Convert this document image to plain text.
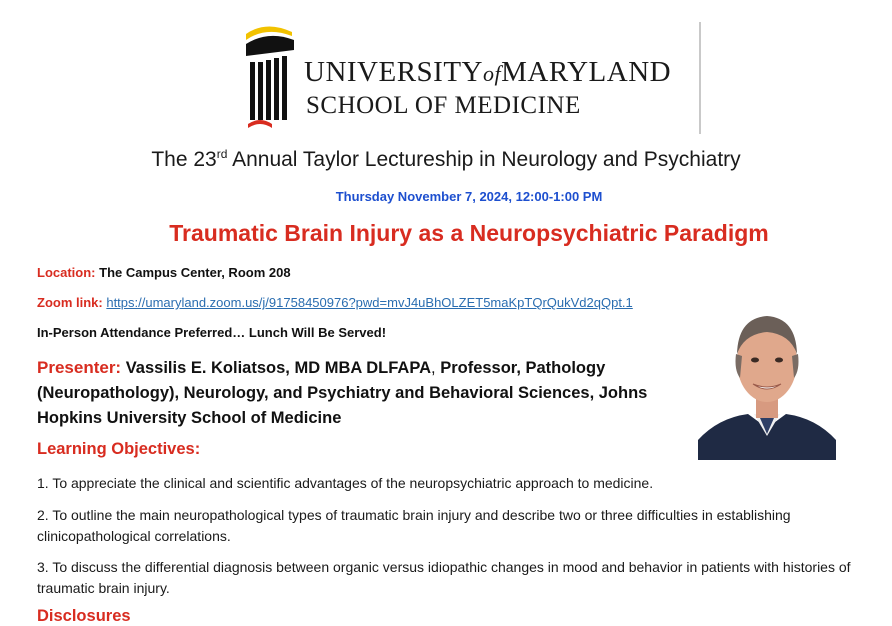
UNIVERSITYofMARYLAND
SCHOOL OF MEDICINE
The 23rd Annual Taylor Lectureship in Neurology and Psychiatry
Thursday November 7, 2024, 12:00-1:00 PM
Traumatic Brain Injury as a Neuropsychiatric Paradigm
Location: The Campus Center, Room 208
Zoom link: https://umaryland.zoom.us/j/91758450976?pwd=mvJ4uBhOLZET5maKpTQrQukVd2qQpt.1
In-Person Attendance Preferred… Lunch Will Be Served!
Presenter: Vassilis E. Koliatsos, MD MBA DLFAPA, Professor, Pathology (Neuropathology), Neurology, and Psychiatry and Behavioral Sciences, Johns Hopkins University School of Medicine
Learning Objectives:
1. To appreciate the clinical and scientific advantages of the neuropsychiatric approach to medicine.
2. To outline the main neuropathological types of traumatic brain injury and describe two or three difficulties in establishing clinicopathological correlations.
3. To discuss the differential diagnosis between organic versus idiopathic changes in mood and behavior in patients with histories of traumatic brain injury.
Disclosures
